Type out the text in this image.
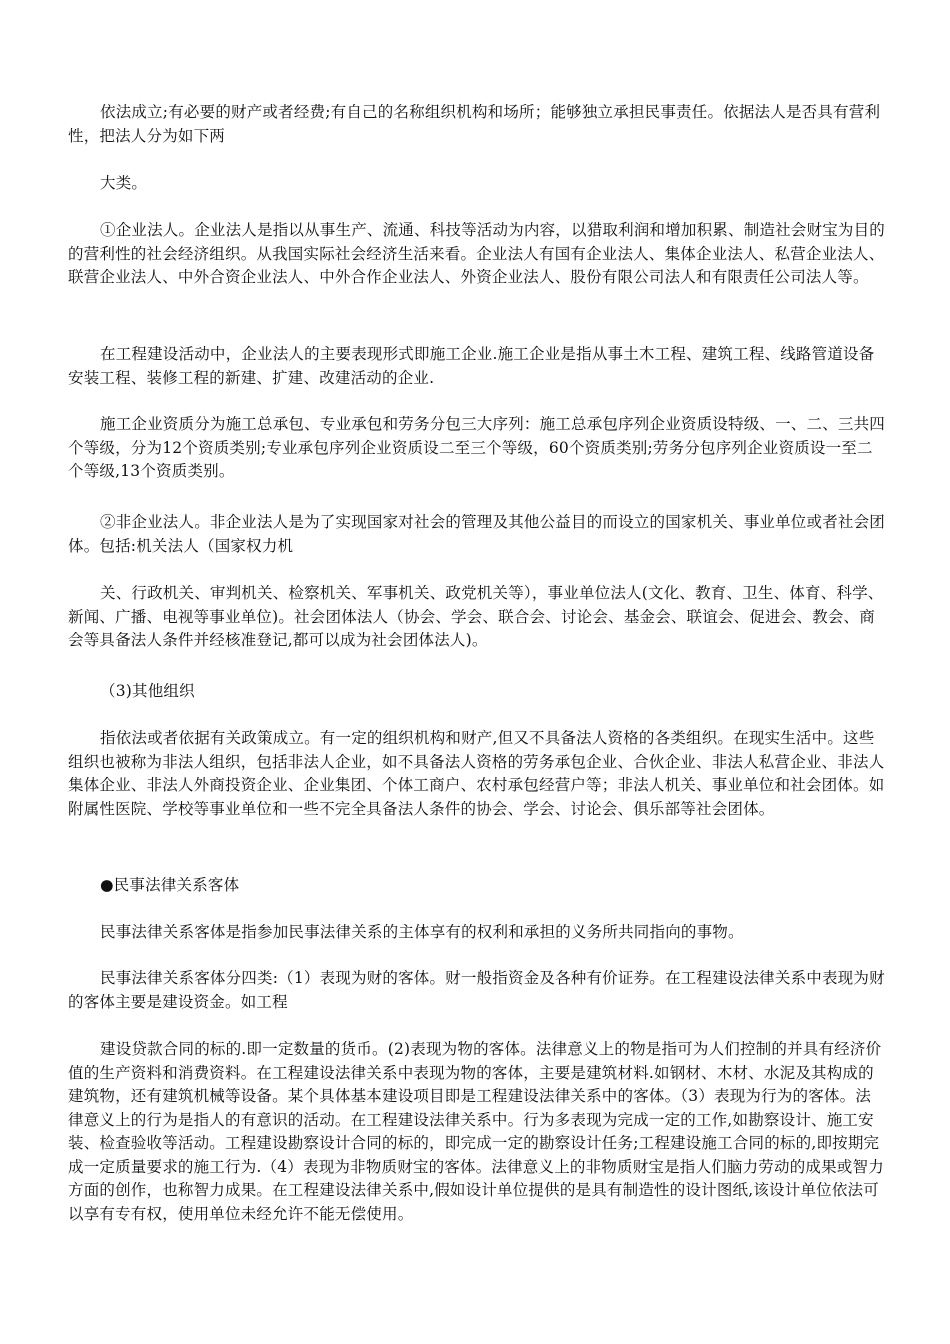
依法成立;有必要的财产或者经费;有自己的名称组织机构和场所；能够独立承担民事责任。依据法人是否具有营利性，把法人分为如下两

大类。

①企业法人。企业法人是指以从事生产、流通、科技等活动为内容，以猎取利润和增加积累、制造社会财宝为目的的营利性的社会经济组织。从我国实际社会经济生活来看。企业法人有国有企业法人、集体企业法人、私营企业法人、联营企业法人、中外合资企业法人、中外合作企业法人、外资企业法人、股份有限公司法人和有限责任公司法人等。

在工程建设活动中，企业法人的主要表现形式即施工企业.施工企业是指从事土木工程、建筑工程、线路管道设备安装工程、装修工程的新建、扩建、改建活动的企业.

施工企业资质分为施工总承包、专业承包和劳务分包三大序列：施工总承包序列企业资质设特级、一、二、三共四个等级，分为12个资质类别;专业承包序列企业资质设二至三个等级，60个资质类别;劳务分包序列企业资质设一至二个等级,13个资质类别。

②非企业法人。非企业法人是为了实现国家对社会的管理及其他公益目的而设立的国家机关、事业单位或者社会团体。包括:机关法人（国家权力机

关、行政机关、审判机关、检察机关、军事机关、政党机关等），事业单位法人(文化、教育、卫生、体育、科学、新闻、广播、电视等事业单位)。社会团体法人（协会、学会、联合会、讨论会、基金会、联谊会、促进会、教会、商会等具备法人条件并经核准登记,都可以成为社会团体法人)。

（3)其他组织

指依法或者依据有关政策成立。有一定的组织机构和财产,但又不具备法人资格的各类组织。在现实生活中。这些组织也被称为非法人组织，包括非法人企业，如不具备法人资格的劳务承包企业、合伙企业、非法人私营企业、非法人集体企业、非法人外商投资企业、企业集团、个体工商户、农村承包经营户等；非法人机关、事业单位和社会团体。如附属性医院、学校等事业单位和一些不完全具备法人条件的协会、学会、讨论会、俱乐部等社会团体。

●民事法律关系客体

民事法律关系客体是指参加民事法律关系的主体享有的权利和承担的义务所共同指向的事物。

民事法律关系客体分四类:（1）表现为财的客体。财一般指资金及各种有价证券。在工程建设法律关系中表现为财的客体主要是建设资金。如工程

建设贷款合同的标的.即一定数量的货币。(2)表现为物的客体。法律意义上的物是指可为人们控制的并具有经济价值的生产资料和消费资料。在工程建设法律关系中表现为物的客体，主要是建筑材料.如钢材、木材、水泥及其构成的建筑物，还有建筑机械等设备。某个具体基本建设项目即是工程建设法律关系中的客体。（3）表现为行为的客体。法律意义上的行为是指人的有意识的活动。在工程建设法律关系中。行为多表现为完成一定的工作,如勘察设计、施工安装、检查验收等活动。工程建设勘察设计合同的标的，即完成一定的勘察设计任务;工程建设施工合同的标的,即按期完成一定质量要求的施工行为.（4）表现为非物质财宝的客体。法律意义上的非物质财宝是指人们脑力劳动的成果或智力方面的创作，也称智力成果。在工程建设法律关系中,假如设计单位提供的是具有制造性的设计图纸,该设计单位依法可以享有专有权，使用单位未经允许不能无偿使用。
